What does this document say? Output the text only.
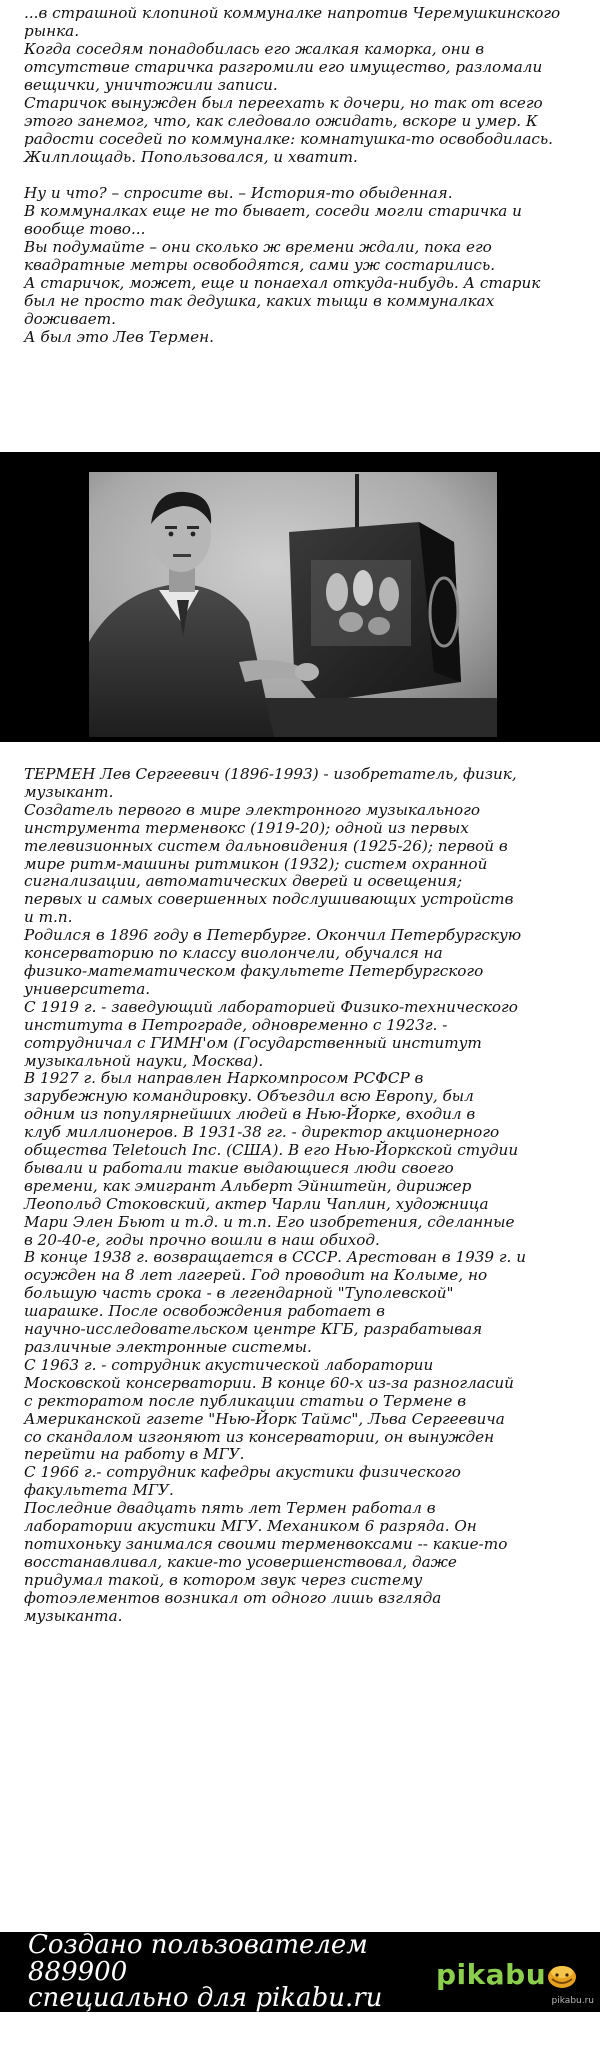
...в страшной клопиной коммуналке напротив Черемушкинского
рынка.
Когда соседям понадобилась его жалкая каморка, они в
отсутствие старичка разгромили его имущество, разломали
вещички, уничтожили записи.
Старичок вынужден был переехать к дочери, но так от всего
этого занемог, что, как следовало ожидать, вскоре и умер. К
радости соседей по коммуналке: комнатушка-то освободилась.
Жилплощадь. Попользовался, и хватит.

Ну и что? – спросите вы. – История-то обыденная.
В коммуналках еще не то бывает, соседи могли старичка и
вообще тово...
Вы подумайте – они сколько ж времени ждали, пока его
квадратные метры освободятся, сами уж состарились.
А старичок, может, еще и понаехал откуда-нибудь. А старик
был не просто так дедушка, каких тыщи в коммуналках
доживает.
А был это Лев Термен.
ТЕРМЕН Лев Сергеевич (1896-1993) - изобретатель, физик,
музыкант.
Создатель первого в мире электронного музыкального
инструмента терменвокс (1919-20); одной из первых
телевизионных систем дальновидения (1925-26); первой в
мире ритм-машины ритмикон (1932); систем охранной
сигнализации, автоматических дверей и освещения;
первых и самых совершенных подслушивающих устройств
и т.п.
Родился в 1896 году в Петербурге. Окончил Петербургскую
консерваторию по классу виолончели, обучался на
физико-математическом факультете Петербургского
университета.
С 1919 г. - заведующий лабораторией Физико-технического
института в Петрограде, одновременно с 1923г. -
сотрудничал с ГИМН'ом (Государственный институт
музыкальной науки, Москва).
В 1927 г. был направлен Наркомпросом РСФСР в
зарубежную командировку. Объездил всю Европу, был
одним из популярнейших людей в Нью-Йорке, входил в
клуб миллионеров. В 1931-38 гг. - директор акционерного
общества Teletouch Inc. (США). В его Нью-Йоркской студии
бывали и работали такие выдающиеся люди своего
времени, как эмигрант Альберт Эйнштейн, дирижер
Леопольд Стоковский, актер Чарли Чаплин, художница
Мари Элен Бьют и т.д. и т.п. Его изобретения, сделанные
в 20-40-е, годы прочно вошли в наш обиход.
В конце 1938 г. возвращается в СССР. Арестован в 1939 г. и
осужден на 8 лет лагерей. Год проводит на Колыме, но
большую часть срока - в легендарной "Туполевской"
шарашке. После освобождения работает в
научно-исследовательском центре КГБ, разрабатывая
различные электронные системы.
С 1963 г. - сотрудник акустической лаборатории
Московской консерватории. В конце 60-х из-за разногласий
с ректоратом после публикации статьи о Термене в
Американской газете "Нью-Йорк Таймс", Льва Сергеевича
со скандалом изгоняют из консерватории, он вынужден
перейти на работу в МГУ.
С 1966 г.- сотрудник кафедры акустики физического
факультета МГУ.
Последние двадцать пять лет Термен работал в
лаборатории акустики МГУ. Механиком 6 разряда. Он
потихоньку занимался своими терменвоксами -- какие-то
восстанавливал, какие-то усовершенствовал, даже
придумал такой, в котором звук через систему
фотоэлементов возникал от одного лишь взгляда
музыканта.
Создано пользователем 889900
специально для pikabu.ru
с помощью сайта dlinnopost.ru
pikabu
pikabu.ru
